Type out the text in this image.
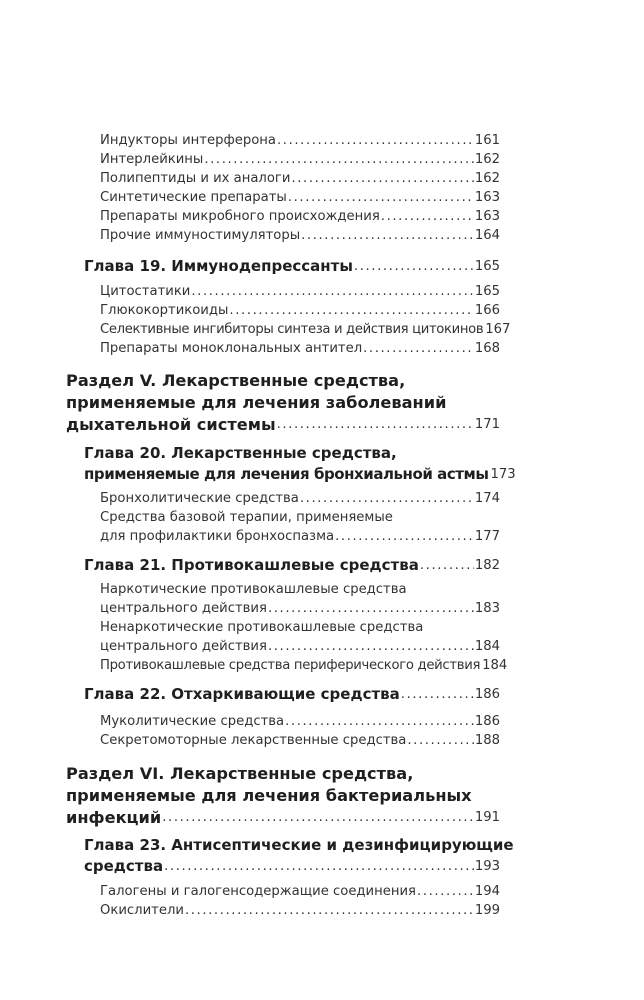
Индукторы интерферона .....	161
Интерлейкины .....	162
Полипептиды и их аналоги .....	162
Синтетические препараты .....	163
Препараты микробного происхождения .....	163
Прочие иммуностимуляторы .....	164
Глава 19. Иммунодепрессанты .....	165
Цитостатики .....	165
Глюкокортикоиды .....	166
Селективные ингибиторы синтеза и действия цитокинов 167
Препараты моноклональных антител .....	168
Раздел V. Лекарственные средства,
применяемые для лечения заболеваний
дыхательной системы .....	171
Глава 20. Лекарственные средства,
применяемые для лечения бронхиальной астмы 173
Бронхолитические средства .....	174
Средства базовой терапии, применяемые
для профилактики бронхоспазма .....	177
Глава 21. Противокашлевые средства .....	182
Наркотические противокашлевые средства
центрального действия .....	183
Ненаркотические противокашлевые средства
центрального действия .....	184
Противокашлевые средства периферического действия 184
Глава 22. Отхаркивающие средства .....	186
Муколитические средства .....	186
Секретомоторные лекарственные средства .....	188
Раздел VI. Лекарственные средства,
применяемые для лечения бактериальных
инфекций .....	191
Глава 23. Антисептические и дезинфицирующие
средства .....	193
Галогены и галогенсодержащие соединения .....	194
Окислители .....	199
